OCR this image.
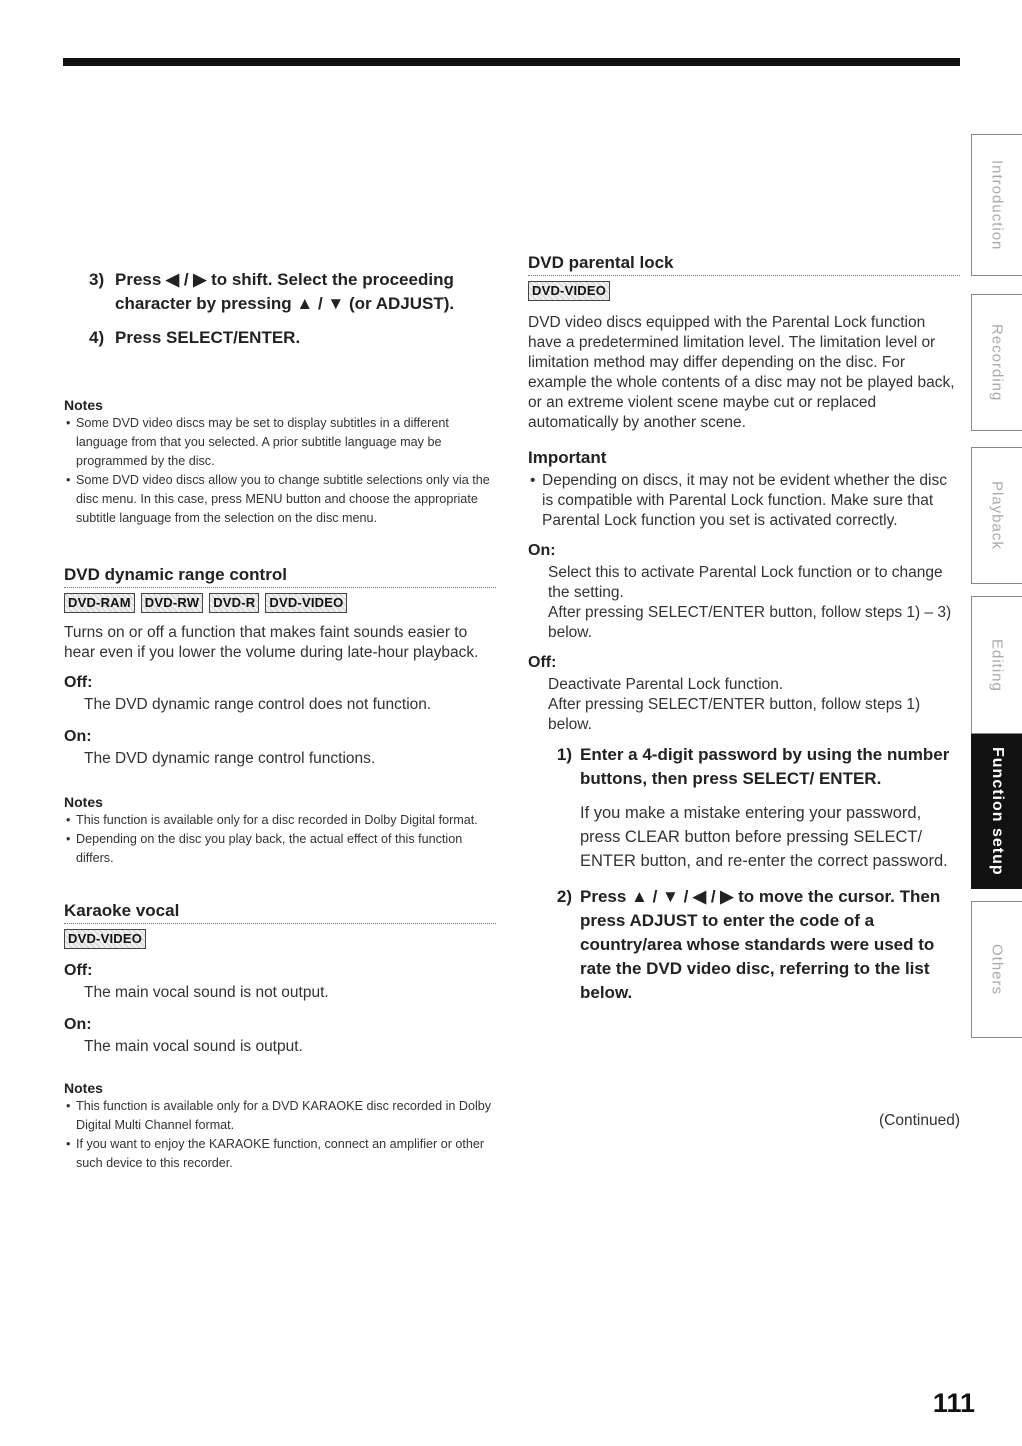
3) Press ◀ / ▶ to shift. Select the proceeding character by pressing ▲ / ▼ (or ADJUST).
4) Press SELECT/ENTER.
Notes
• Some DVD video discs may be set to display subtitles in a different language from that you selected. A prior subtitle language may be programmed by the disc.
• Some DVD video discs allow you to change subtitle selections only via the disc menu. In this case, press MENU button and choose the appropriate subtitle language from the selection on the disc menu.
DVD dynamic range control
DVD-RAM	DVD-RW	DVD-R	DVD-VIDEO
Turns on or off a function that makes faint sounds easier to hear even if you lower the volume during late-hour playback.
Off:
The DVD dynamic range control does not function.
On:
The DVD dynamic range control functions.
Notes
• This function is available only for a disc recorded in Dolby Digital format.
• Depending on the disc you play back, the actual effect of this function differs.
Karaoke vocal
DVD-VIDEO
Off:
The main vocal sound is not output.
On:
The main vocal sound is output.
Notes
• This function is available only for a DVD KARAOKE disc recorded in Dolby Digital Multi Channel format.
• If you want to enjoy the KARAOKE function, connect an amplifier or other such device to this recorder.
DVD parental lock
DVD-VIDEO
DVD video discs equipped with the Parental Lock function have a predetermined limitation level. The limitation level or limitation method may differ depending on the disc. For example the whole contents of a disc may not be played back, or an extreme violent scene maybe cut or replaced automatically by another scene.
Important
• Depending on discs, it may not be evident whether the disc is compatible with Parental Lock function. Make sure that Parental Lock function you set is activated correctly.
On:
Select this to activate Parental Lock function or to change the setting.
After pressing SELECT/ENTER button, follow steps 1) – 3) below.
Off:
Deactivate Parental Lock function.
After pressing SELECT/ENTER button, follow steps 1) below.
1) Enter a 4-digit password by using the number buttons, then press SELECT/ ENTER.
If you make a mistake entering your password, press CLEAR button before pressing SELECT/ ENTER button, and re-enter the correct password.
2) Press ▲ / ▼ / ◀ / ▶ to move the cursor. Then press ADJUST to enter the code of a country/area whose standards were used to rate the DVD video disc, referring to the list below.
(Continued)
111
Introduction
Recording
Playback
Editing
Function setup
Others
